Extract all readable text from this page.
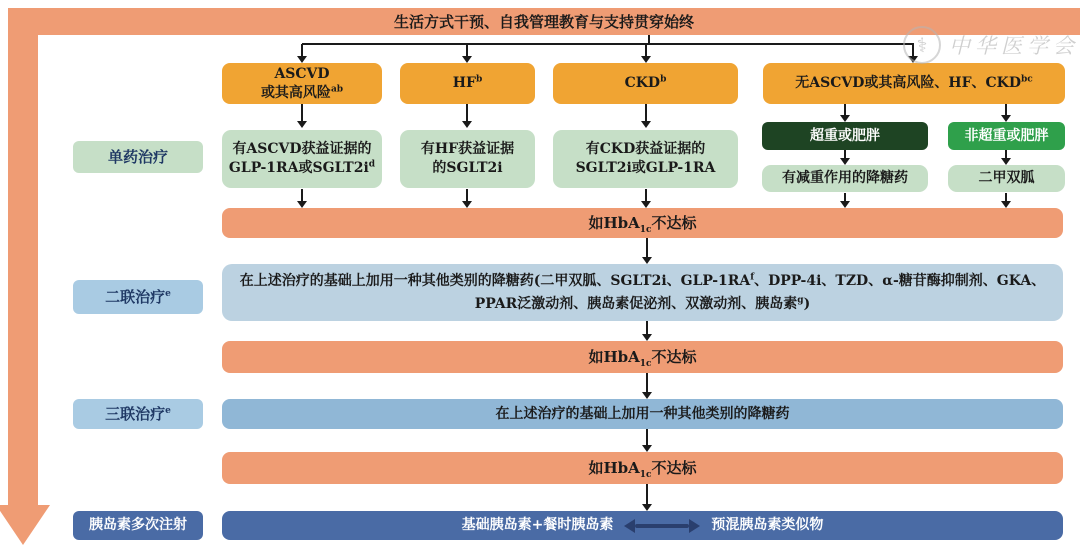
生活方式干预、自我管理教育与支持贯穿始终
⚕	中华医学会
ASCVD
或其高风险$^{ab}$	$HF^b$	CKD$^b$	无ASCVD或其高风险、HF、$CKD^{bc}$
单药治疗	有ASCVD获益证据的
GLP-1RA或$SGLT2i^d$
有HF获益证据
的SGLT2i
有CKD获益证据的
SGLT2i或GLP-1RA
超重或肥胖	非超重或肥胖
有减重作用的降糖药	二甲双胍
如HbA$_{1c}$不达标
二联治疗$^e$
在上述治疗的基础上加用一种其他类别的降糖药(二甲双胍、SGLT2i、GLP-$1RA^f$、DPP-4i、TZD、α-糖苷酶抑制剂、GKA、
PPAR泛激动剂、胰岛素促泌剂、双激动剂、胰岛素$^g$)
如HbA$_{1c}$不达标
三联治疗$^e$	在上述治疗的基础上加用一种其他类别的降糖药
如HbA$_{1c}$不达标
胰岛素多次注射	基础胰岛素+餐时胰岛素	预混胰岛素类似物
